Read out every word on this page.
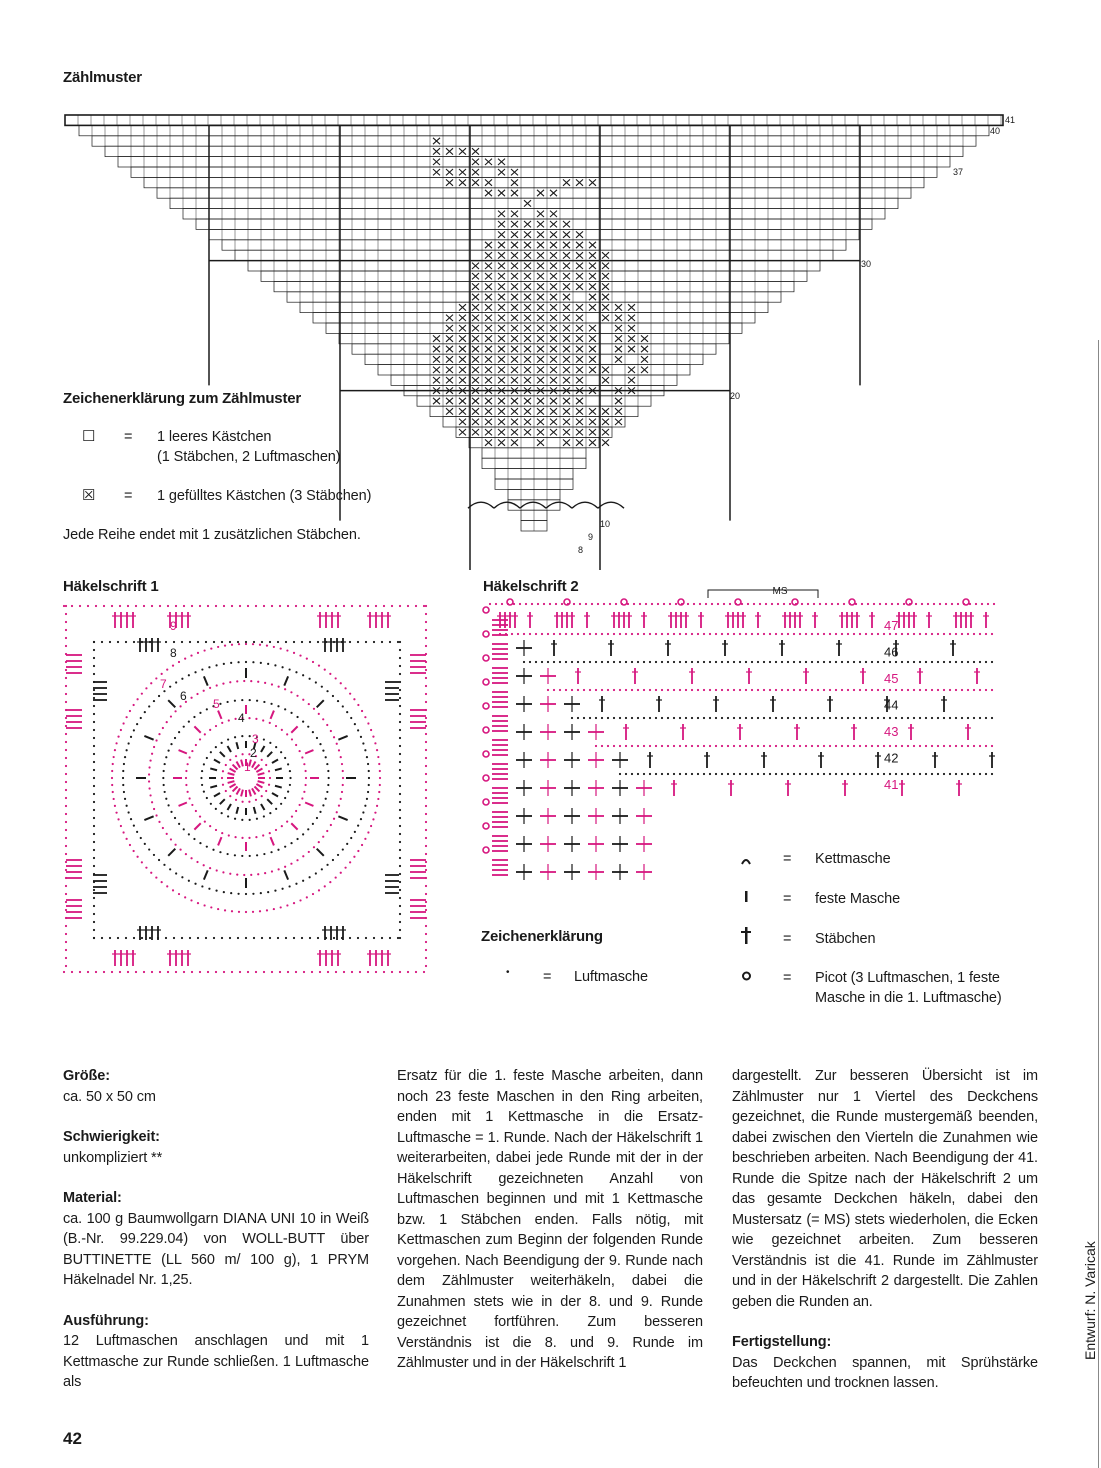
Zählmuster
41
40
37
30
20
10
9
8
Zeichenerklärung zum Zählmuster
☐ = 1 leeres Kästchen
(1 Stäbchen, 2 Luftmaschen)
☒ = 1 gefülltes Kästchen (3 Stäbchen)
Jede Reihe endet mit 1 zusätzlichen Stäbchen.
Häkelschrift 1
9
8
7
6
5
4
3
2
1
Häkelschrift 2	MS
47
46
45
44
43
42
41
Zeichenerklärung
• = Luftmasche
= Kettmasche
= feste Masche
= Stäbchen
= Picot (3 Luftmaschen, 1 feste
Masche in die 1. Luftmasche)

Größe:

ca. 50 x 50 cm

Schwierigkeit:

unkompliziert **

Material:

ca. 100 g Baumwollgarn DIANA UNI 10 in Weiß (B.-Nr. 99.229.04) von WOLL-BUTT über BUTTINETTE (LL 560 m/ 100 g), 1 PRYM Häkelnadel Nr. 1,25.

Ausführung:

12 Luftmaschen anschlagen und mit 1 Kettmasche zur Runde schließen. 1 Luftmasche als

Ersatz für die 1. feste Masche arbeiten, dann noch 23 feste Maschen in den Ring arbeiten, enden mit 1 Kettmasche in die Ersatz-Luftmasche = 1. Runde. Nach der Häkelschrift 1 weiterarbeiten, dabei jede Runde mit der in der Häkelschrift gezeichneten Anzahl von Luftmaschen beginnen und mit 1 Kettmasche bzw. 1 Stäbchen enden. Falls nötig, mit Kettmaschen zum Beginn der folgenden Runde vorgehen. Nach Beendigung der 9. Runde nach dem Zählmuster weiterhäkeln, dabei die Zunahmen stets wie in der 8. und 9. Runde gezeichnet fortführen. Zum besseren Verständnis ist die 8. und 9. Runde im Zählmuster und in der Häkelschrift 1

dargestellt. Zur besseren Übersicht ist im Zählmuster nur 1 Viertel des Deckchens gezeichnet, die Runde mustergemäß beenden, dabei zwischen den Vierteln die Zunahmen wie beschrieben arbeiten. Nach Beendigung der 41. Runde die Spitze nach der Häkelschrift 2 um das gesamte Deckchen häkeln, dabei den Mustersatz (= MS) stets wiederholen, die Ecken wie gezeichnet arbeiten. Zum besseren Verständnis ist die 41. Runde im Zählmuster und in der Häkelschrift 2 dargestellt. Die Zahlen geben die Runden an.

Fertigstellung:

Das Deckchen spannen, mit Sprühstärke befeuchten und trocknen lassen.

42
Entwurf: N. Varicak
